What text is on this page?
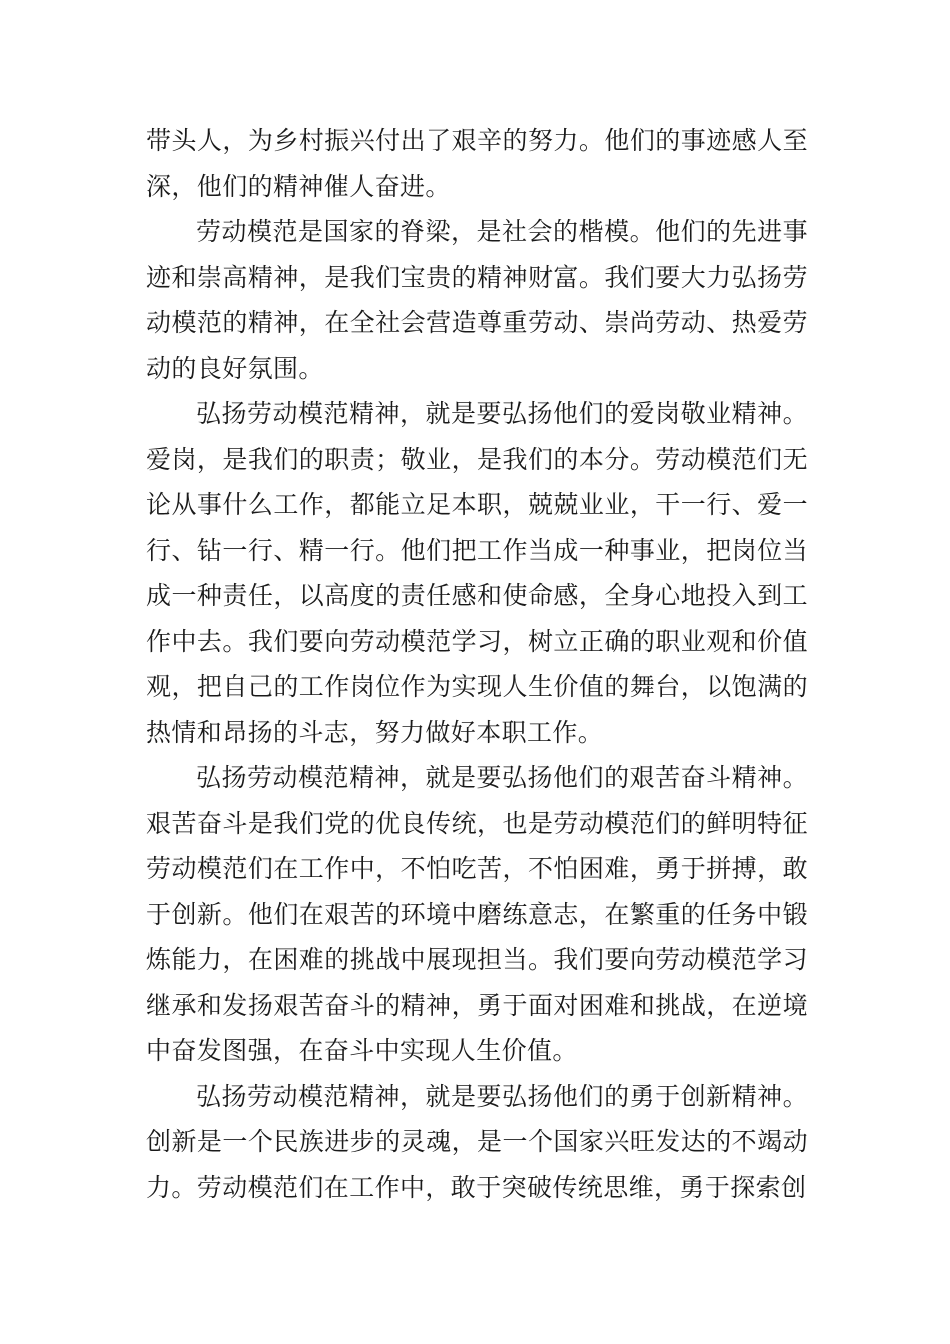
带头人，为乡村振兴付出了艰辛的努力。他们的事迹感人至深，他们的精神催人奋进。

劳动模范是国家的脊梁，是社会的楷模。他们的先进事迹和崇高精神，是我们宝贵的精神财富。我们要大力弘扬劳动模范的精神，在全社会营造尊重劳动、崇尚劳动、热爱劳动的良好氛围。

弘扬劳动模范精神，就是要弘扬他们的爱岗敬业精神。爱岗，是我们的职责；敬业，是我们的本分。劳动模范们无论从事什么工作，都能立足本职，兢兢业业，干一行、爱一行、钻一行、精一行。他们把工作当成一种事业，把岗位当成一种责任，以高度的责任感和使命感，全身心地投入到工作中去。我们要向劳动模范学习，树立正确的职业观和价值观，把自己的工作岗位作为实现人生价值的舞台，以饱满的热情和昂扬的斗志，努力做好本职工作。

弘扬劳动模范精神，就是要弘扬他们的艰苦奋斗精神。艰苦奋斗是我们党的优良传统，也是劳动模范们的鲜明特征劳动模范们在工作中，不怕吃苦，不怕困难，勇于拼搏，敢于创新。他们在艰苦的环境中磨练意志，在繁重的任务中锻炼能力，在困难的挑战中展现担当。我们要向劳动模范学习继承和发扬艰苦奋斗的精神，勇于面对困难和挑战，在逆境中奋发图强，在奋斗中实现人生价值。

弘扬劳动模范精神，就是要弘扬他们的勇于创新精神。创新是一个民族进步的灵魂，是一个国家兴旺发达的不竭动力。劳动模范们在工作中，敢于突破传统思维，勇于探索创
